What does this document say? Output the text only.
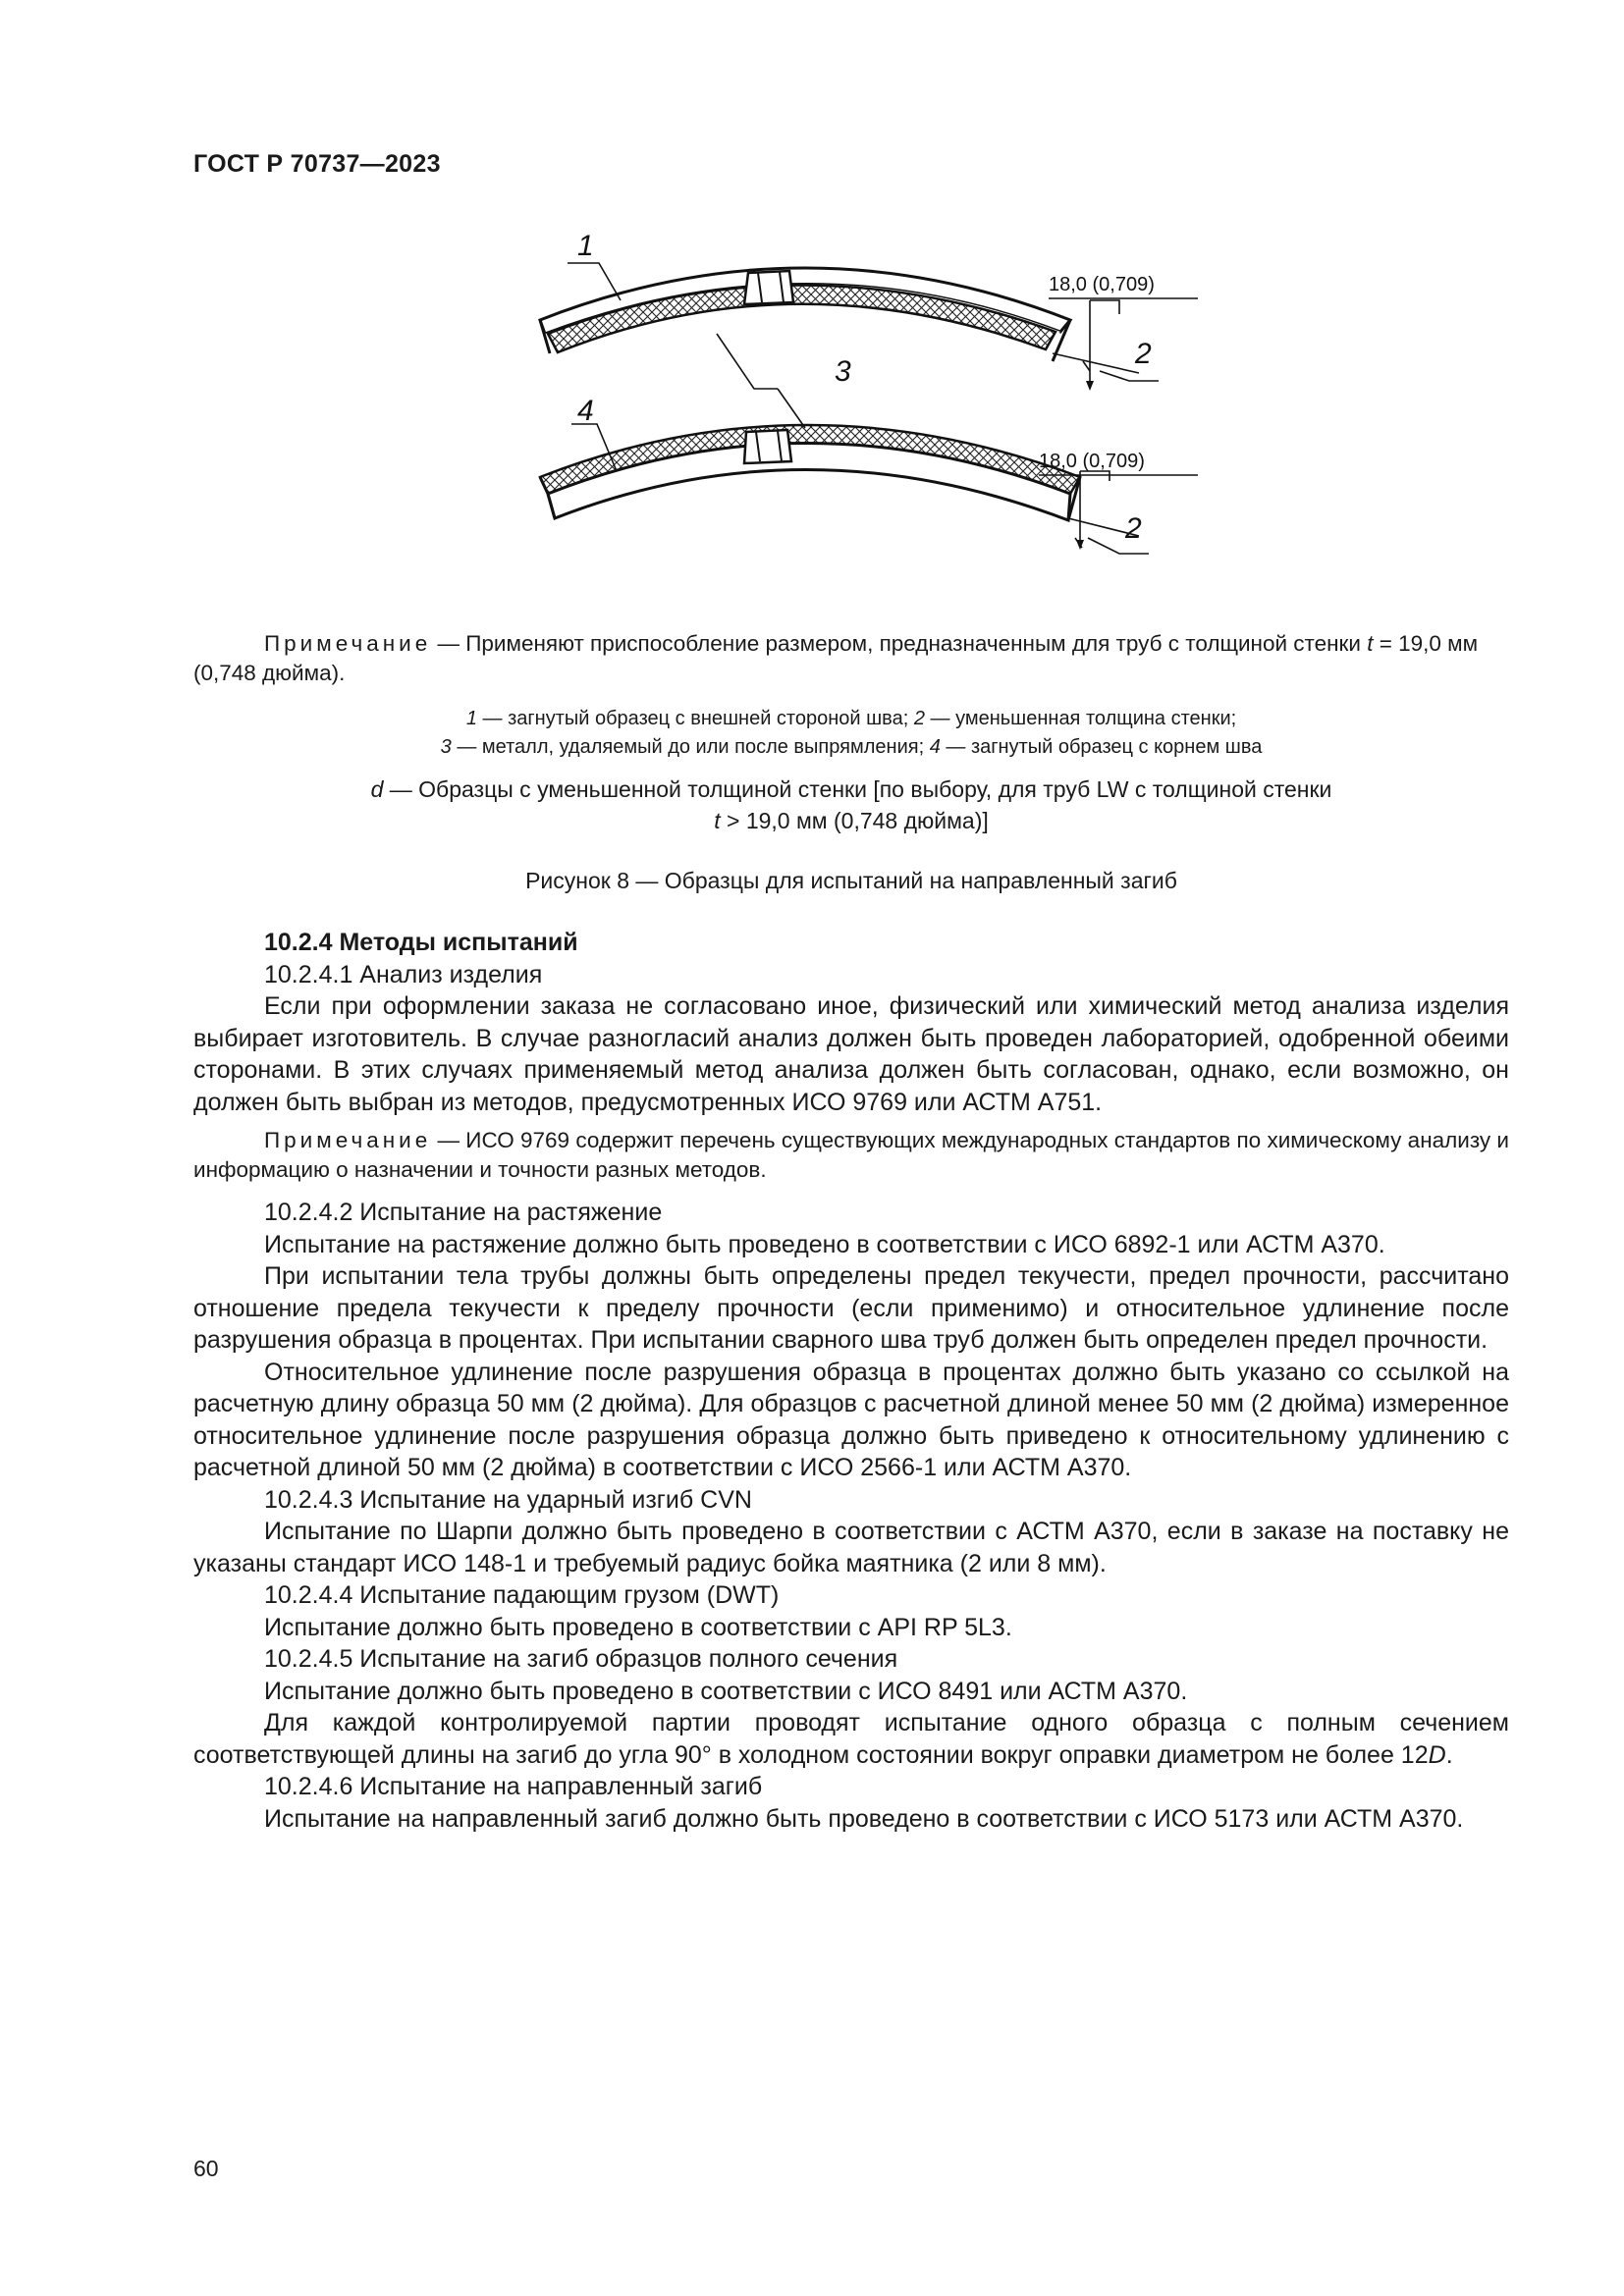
ГОСТ Р 70737—2023
1
3
4
2
2
18,0 (0,709)
18,0 (0,709)
Примечание — Применяют приспособление размером, предназначенным для труб с толщиной стенки t = 19,0 мм (0,748 дюйма).
1 — загнутый образец с внешней стороной шва; 2 — уменьшенная толщина стенки;
3 — металл, удаляемый до или после выпрямления; 4 — загнутый образец с корнем шва
d — Образцы с уменьшенной толщиной стенки [по выбору, для труб LW с толщиной стенки
t > 19,0 мм (0,748 дюйма)]
Рисунок 8 — Образцы для испытаний на направленный загиб

10.2.4 Методы испытаний

10.2.4.1 Анализ изделия

Если при оформлении заказа не согласовано иное, физический или химический метод анализа изделия выбирает изготовитель. В случае разногласий анализ должен быть проведен лабораторией, одобренной обеими сторонами. В этих случаях применяемый метод анализа должен быть согласован, однако, если возможно, он должен быть выбран из методов, предусмотренных ИСО 9769 или АСТМ А751.

Примечание — ИСО 9769 содержит перечень существующих международных стандартов по химическому анализу и информацию о назначении и точности разных методов.

10.2.4.2 Испытание на растяжение

Испытание на растяжение должно быть проведено в соответствии с ИСО 6892-1 или АСТМ А370.

При испытании тела трубы должны быть определены предел текучести, предел прочности, рассчитано отношение предела текучести к пределу прочности (если применимо) и относительное удлинение после разрушения образца в процентах. При испытании сварного шва труб должен быть определен предел прочности.

Относительное удлинение после разрушения образца в процентах должно быть указано со ссылкой на расчетную длину образца 50 мм (2 дюйма). Для образцов с расчетной длиной менее 50 мм (2 дюйма) измеренное относительное удлинение после разрушения образца должно быть приведено к относительному удлинению с расчетной длиной 50 мм (2 дюйма) в соответствии с ИСО 2566-1 или АСТМ А370.

10.2.4.3 Испытание на ударный изгиб CVN

Испытание по Шарпи должно быть проведено в соответствии с АСТМ А370, если в заказе на поставку не указаны стандарт ИСО 148-1 и требуемый радиус бойка маятника (2 или 8 мм).

10.2.4.4 Испытание падающим грузом (DWT)

Испытание должно быть проведено в соответствии с API RP 5L3.

10.2.4.5 Испытание на загиб образцов полного сечения

Испытание должно быть проведено в соответствии с ИСО 8491 или АСТМ А370.

Для каждой контролируемой партии проводят испытание одного образца с полным сечением соответствующей длины на загиб до угла 90° в холодном состоянии вокруг оправки диаметром не более 12D.

10.2.4.6 Испытание на направленный загиб

Испытание на направленный загиб должно быть проведено в соответствии с ИСО 5173 или АСТМ А370.

60
